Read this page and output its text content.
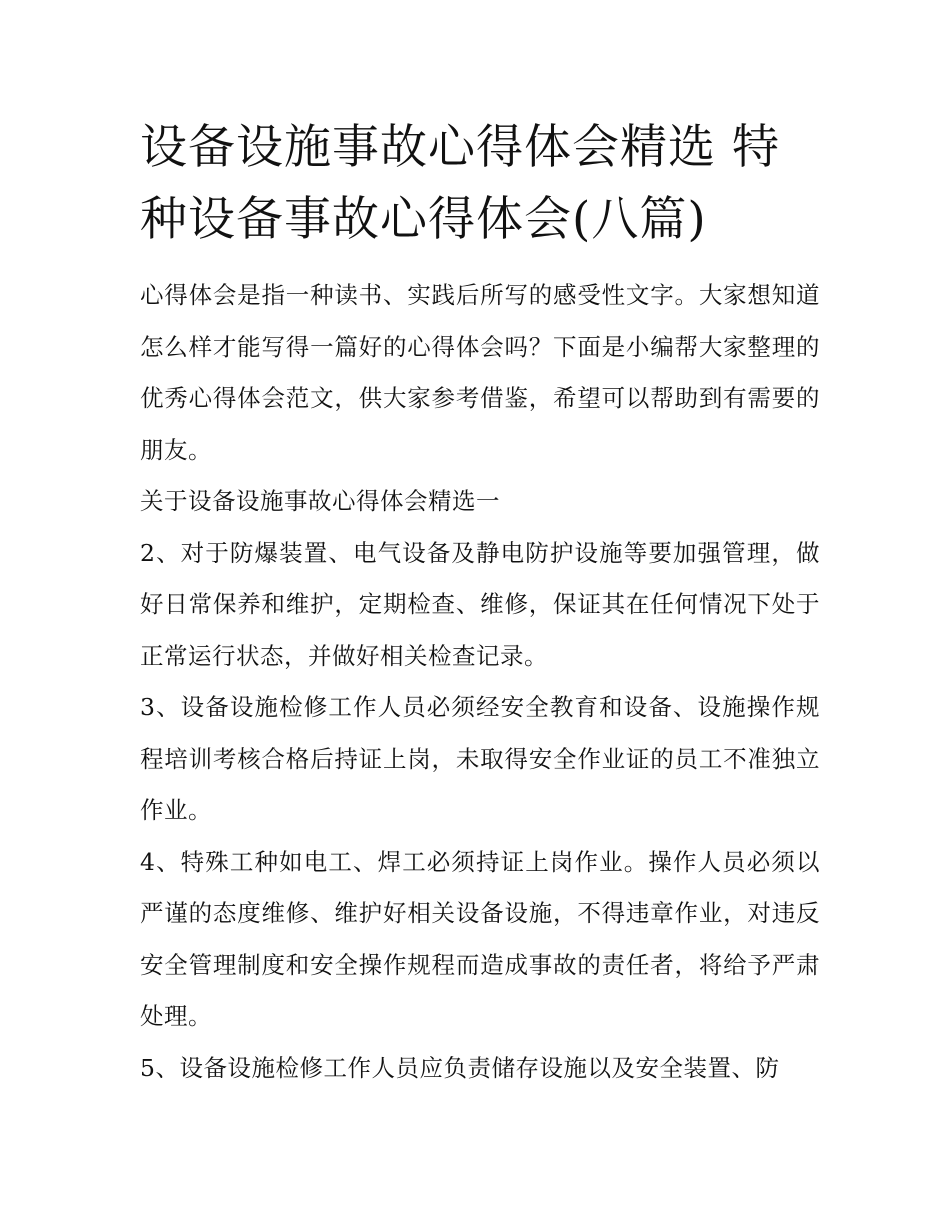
设备设施事故心得体会精选 特种设备事故心得体会(八篇)

心得体会是指一种读书、实践后所写的感受性文字。大家想知道怎么样才能写得一篇好的心得体会吗？下面是小编帮大家整理的优秀心得体会范文，供大家参考借鉴，希望可以帮助到有需要的朋友。

关于设备设施事故心得体会精选一

2、对于防爆装置、电气设备及静电防护设施等要加强管理，做好日常保养和维护，定期检查、维修，保证其在任何情况下处于正常运行状态，并做好相关检查记录。

3、设备设施检修工作人员必须经安全教育和设备、设施操作规程培训考核合格后持证上岗，未取得安全作业证的员工不准独立作业。

4、特殊工种如电工、焊工必须持证上岗作业。操作人员必须以严谨的态度维修、维护好相关设备设施，不得违章作业，对违反安全管理制度和安全操作规程而造成事故的责任者，将给予严肃处理。

5、设备设施检修工作人员应负责储存设施以及安全装置、防
